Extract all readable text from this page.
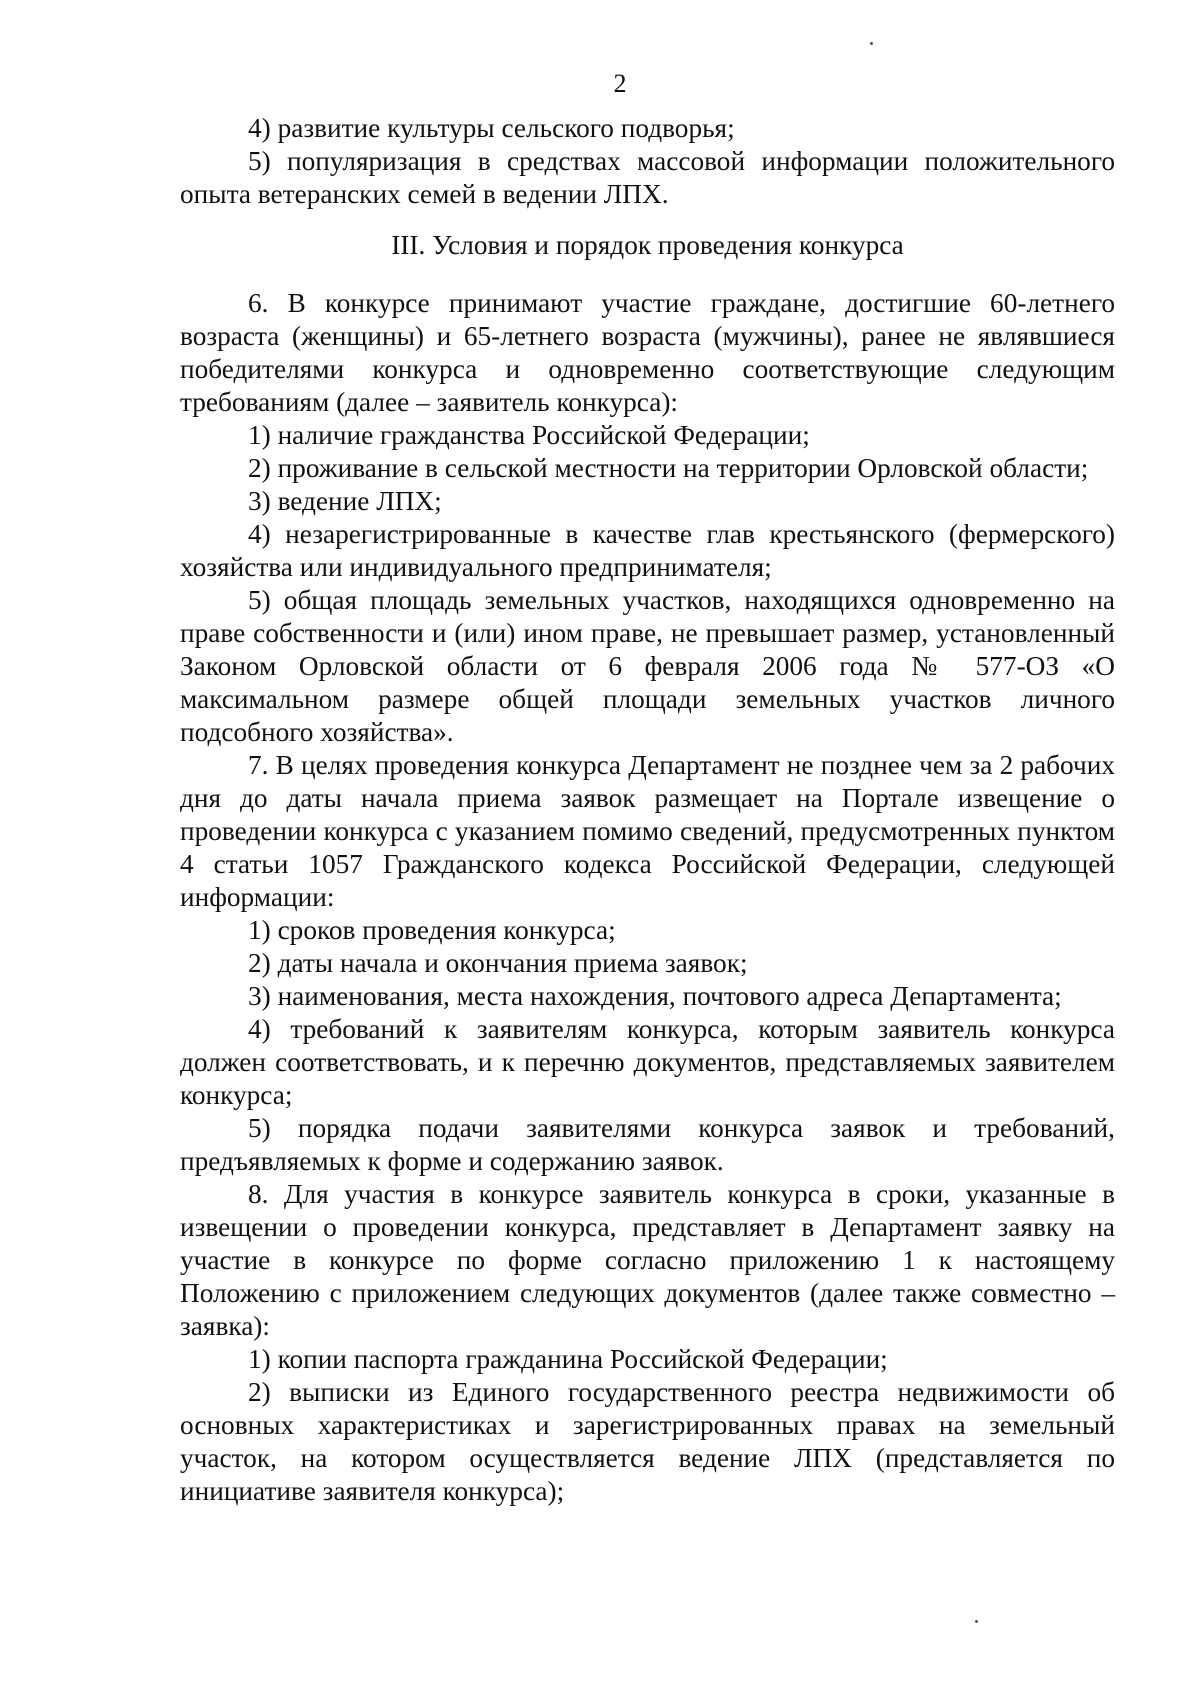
2

4) развитие культуры сельского подворья;

5) популяризация в средствах массовой информации положительного опыта ветеранских семей в ведении ЛПХ.

III. Условия и порядок проведения конкурса

6. В конкурсе принимают участие граждане, достигшие 60-летнего возраста (женщины) и 65-летнего возраста (мужчины), ранее не являвшиеся победителями конкурса и одновременно соответствующие следующим требованиям (далее – заявитель конкурса):

1) наличие гражданства Российской Федерации;

2) проживание в сельской местности на территории Орловской области;

3) ведение ЛПХ;

4) незарегистрированные в качестве глав крестьянского (фермерского) хозяйства или индивидуального предпринимателя;

5) общая площадь земельных участков, находящихся одновременно на праве собственности и (или) ином праве, не превышает размер, установленный Законом Орловской области от 6 февраля 2006 года № 577-ОЗ «О максимальном размере общей площади земельных участков личного подсобного хозяйства».

7. В целях проведения конкурса Департамент не позднее чем за 2 рабочих дня до даты начала приема заявок размещает на Портале извещение о проведении конкурса с указанием помимо сведений, предусмотренных пунктом 4 статьи 1057 Гражданского кодекса Российской Федерации, следующей информации:

1) сроков проведения конкурса;

2) даты начала и окончания приема заявок;

3) наименования, места нахождения, почтового адреса Департамента;

4) требований к заявителям конкурса, которым заявитель конкурса должен соответствовать, и к перечню документов, представляемых заявителем конкурса;

5) порядка подачи заявителями конкурса заявок и требований, предъявляемых к форме и содержанию заявок.

8. Для участия в конкурсе заявитель конкурса в сроки, указанные в извещении о проведении конкурса, представляет в Департамент заявку на участие в конкурсе по форме согласно приложению 1 к настоящему Положению с приложением следующих документов (далее также совместно – заявка):

1) копии паспорта гражданина Российской Федерации;

2) выписки из Единого государственного реестра недвижимости об основных характеристиках и зарегистрированных правах на земельный участок, на котором осуществляется ведение ЛПХ (представляется по инициативе заявителя конкурса);
